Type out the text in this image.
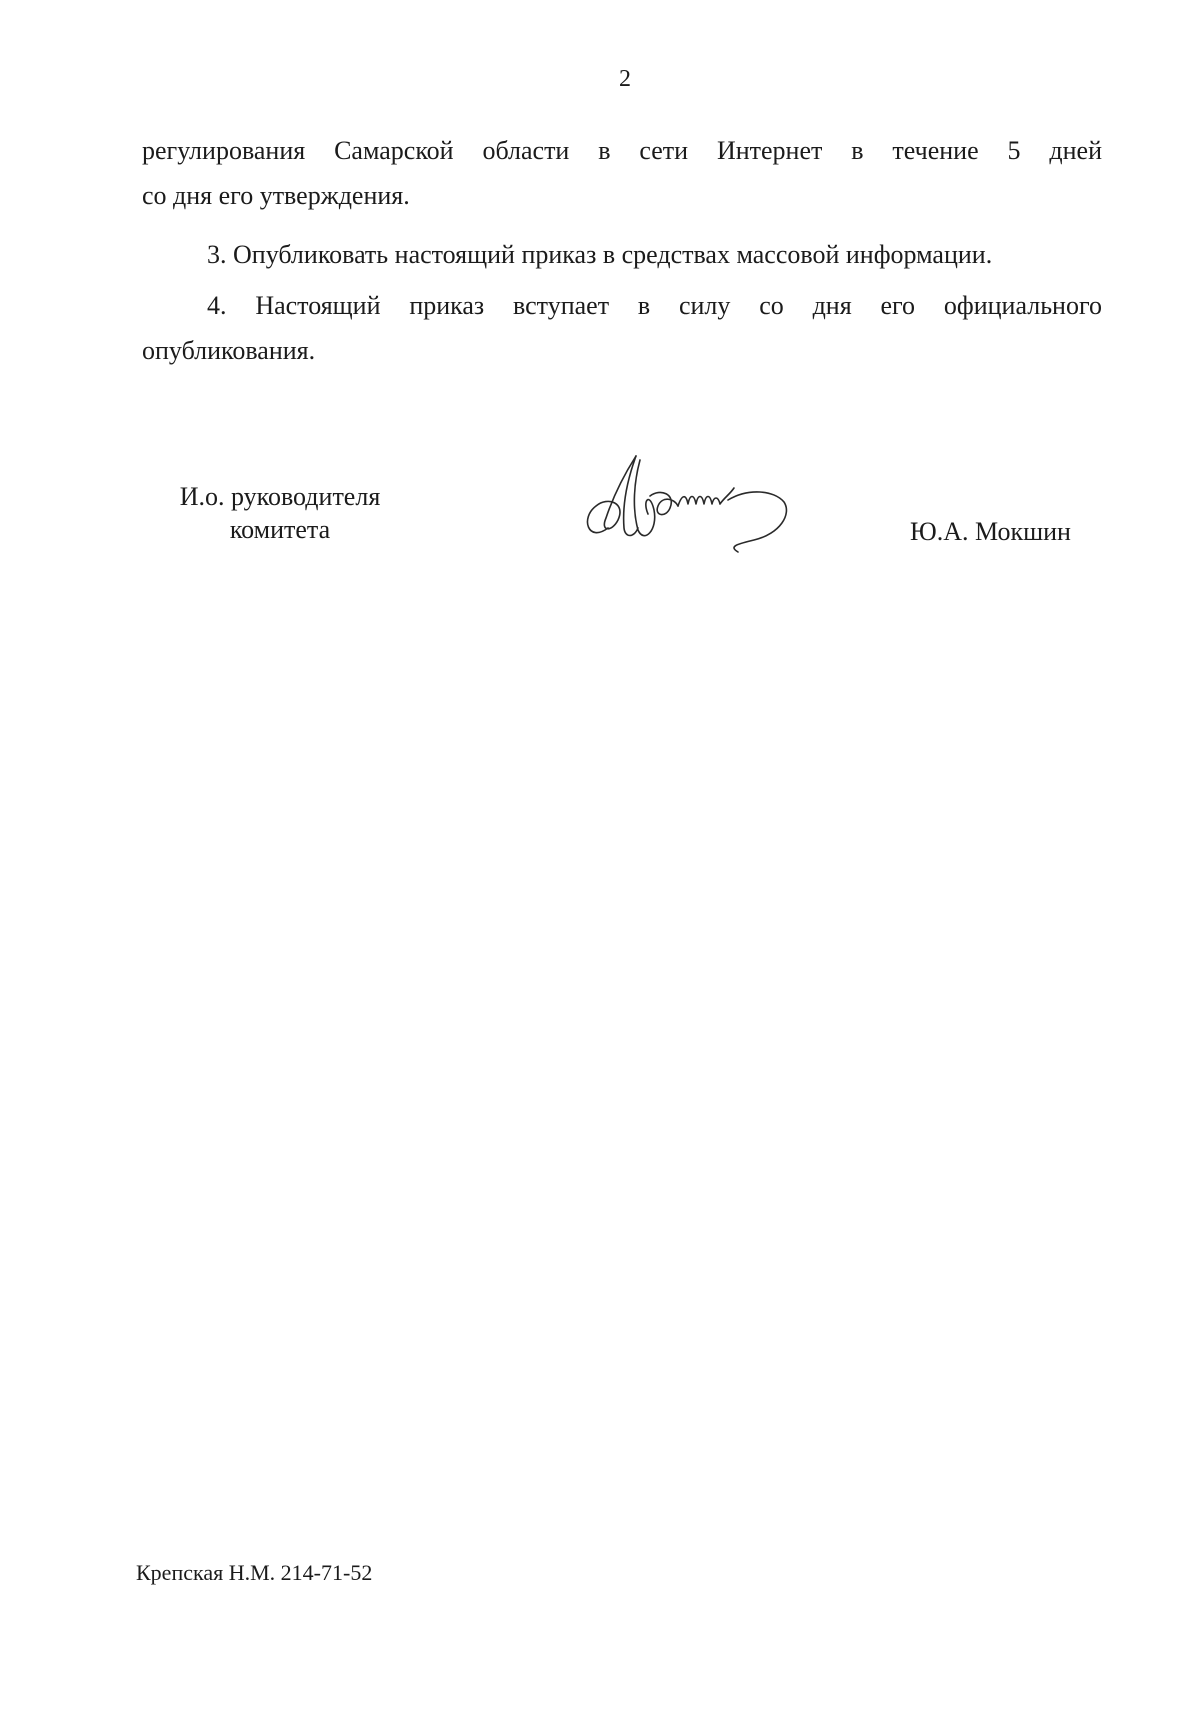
2
регулирования Самарской области в сети Интернет в течение 5 дней
со дня его утверждения.

3. Опубликовать настоящий приказ в средствах массовой информации.

4. Настоящий приказ вступает в силу со дня его официального
опубликования.
И.о. руководителя
комитета	Ю.А. Мокшин
Крепская Н.М. 214-71-52
